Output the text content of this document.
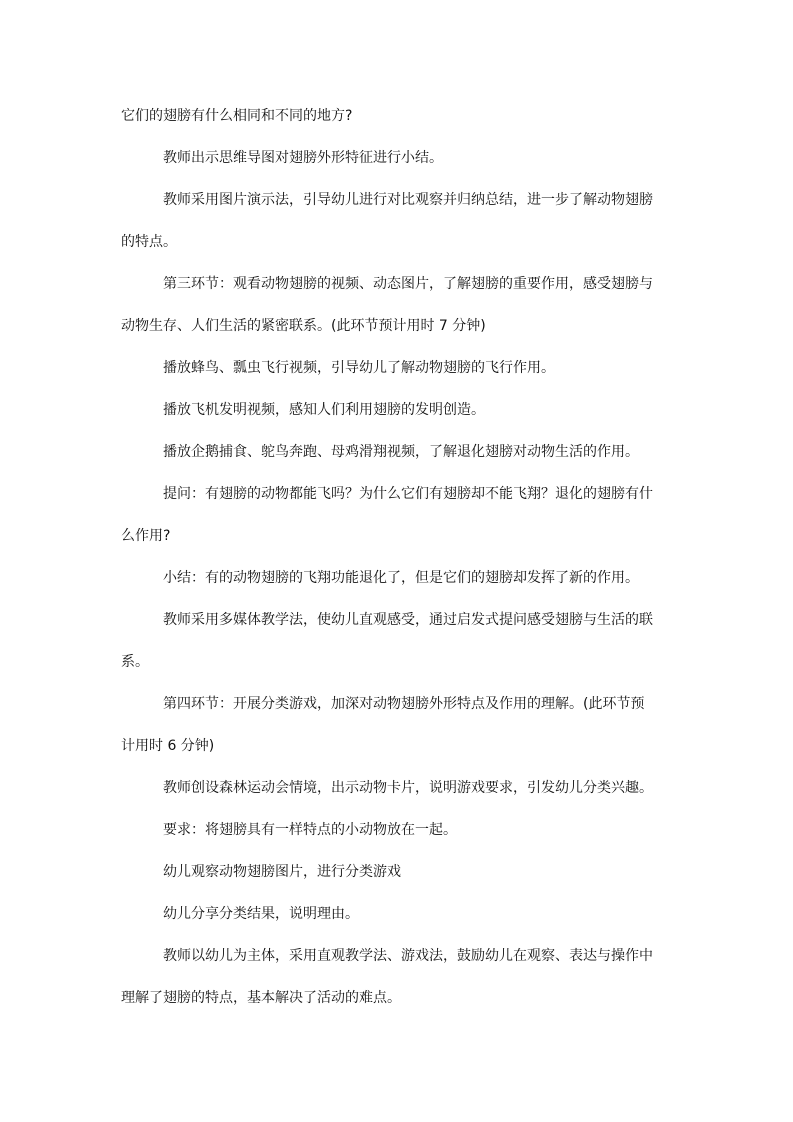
它们的翅膀有什么相同和不同的地方?
教师出示思维导图对翅膀外形特征进行小结。
教师采用图片演示法，引导幼儿进行对比观察并归纳总结，进一步了解动物翅膀
的特点。
第三环节：观看动物翅膀的视频、动态图片，了解翅膀的重要作用，感受翅膀与
动物生存、人们生活的紧密联系。(此环节预计用时 7 分钟)
播放蜂鸟、瓢虫飞行视频，引导幼儿了解动物翅膀的飞行作用。
播放飞机发明视频，感知人们利用翅膀的发明创造。
播放企鹅捕食、鸵鸟奔跑、母鸡滑翔视频，了解退化翅膀对动物生活的作用。
提问：有翅膀的动物都能飞吗？为什么它们有翅膀却不能飞翔？退化的翅膀有什
么作用?
小结：有的动物翅膀的飞翔功能退化了，但是它们的翅膀却发挥了新的作用。
教师采用多媒体教学法，使幼儿直观感受，通过启发式提问感受翅膀与生活的联
系。
第四环节：开展分类游戏，加深对动物翅膀外形特点及作用的理解。(此环节预
计用时 6 分钟)
教师创设森林运动会情境，出示动物卡片，说明游戏要求，引发幼儿分类兴趣。
要求：将翅膀具有一样特点的小动物放在一起。
幼儿观察动物翅膀图片，进行分类游戏
幼儿分享分类结果，说明理由。
教师以幼儿为主体，采用直观教学法、游戏法，鼓励幼儿在观察、表达与操作中
理解了翅膀的特点，基本解决了活动的难点。
